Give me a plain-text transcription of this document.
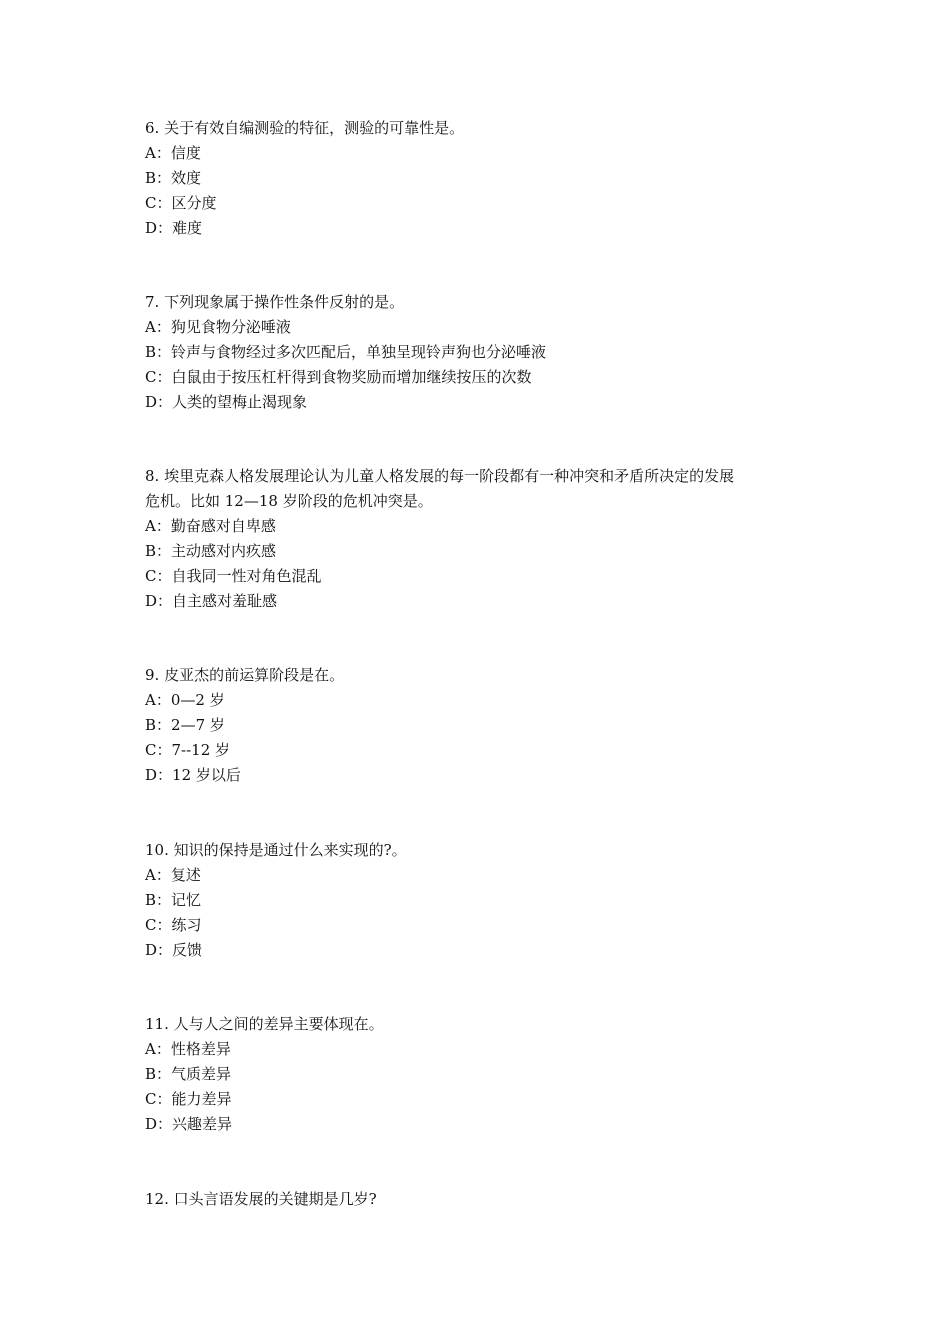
6. 关于有效自编测验的特征，测验的可靠性是。

A：信度

B：效度

C：区分度

D：难度

7. 下列现象属于操作性条件反射的是。

A：狗见食物分泌唾液

B：铃声与食物经过多次匹配后，单独呈现铃声狗也分泌唾液

C：白鼠由于按压杠杆得到食物奖励而增加继续按压的次数

D：人类的望梅止渴现象

8. 埃里克森人格发展理论认为儿童人格发展的每一阶段都有一种冲突和矛盾所决定的发展

危机。比如 12—18 岁阶段的危机冲突是。

A：勤奋感对自卑感

B：主动感对内疚感

C：自我同一性对角色混乱

D：自主感对羞耻感

9. 皮亚杰的前运算阶段是在。

A：0—2 岁

B：2—7 岁

C：7--12 岁

D：12 岁以后

10. 知识的保持是通过什么来实现的?。

A：复述

B：记忆

C：练习

D：反馈

11. 人与人之间的差异主要体现在。

A：性格差异

B：气质差异

C：能力差异

D：兴趣差异

12. 口头言语发展的关键期是几岁?
